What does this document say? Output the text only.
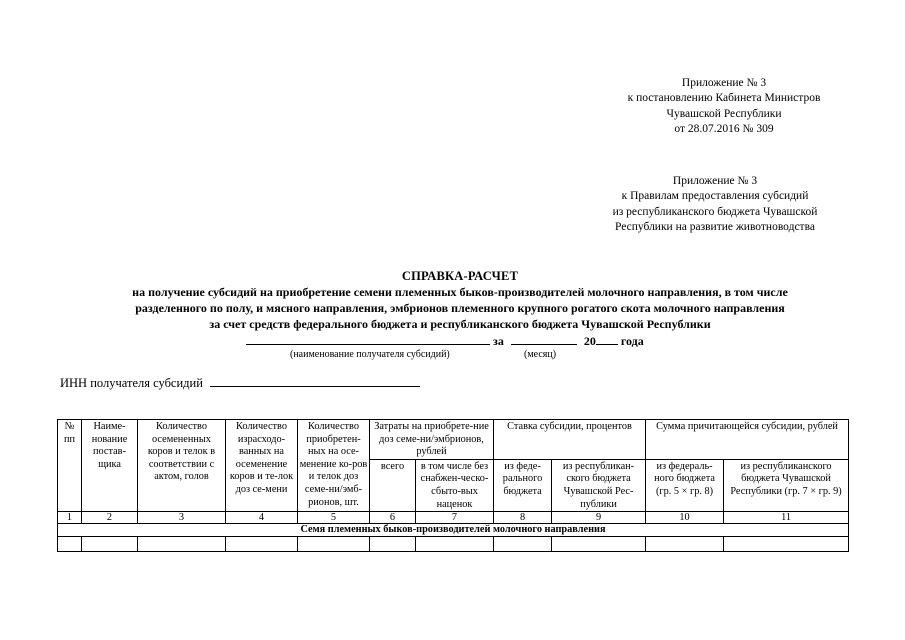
Приложение № 3
к постановлению Кабинета Министров
Чувашской Республики
от 28.07.2016 № 309
Приложение № 3
к Правилам предоставления субсидий
из республиканского бюджета Чувашской
Республики на развитие животноводства
СПРАВКА-РАСЧЕТ
на получение субсидий на приобретение семени племенных быков-производителей молочного направления, в том числе
разделенного по полу, и мясного направления, эмбрионов племенного крупного рогатого скота молочного направления
за счет средств федерального бюджета и республиканского бюджета Чувашской Республики
за	20 года
(наименование получателя субсидий)	(месяц)
ИНН получателя субсидий
№ пп	Наиме-нование постав-щика	Количество осемененных коров и телок в соответствии с актом, голов	Количество израсходо-ванных на осеменение коров и те-лок доз се-мени	Количество приобретен-ных на осе-менение ко-ров и телок доз семе-ни/эмб-рионов, шт.	Затраты на приобрете-ние доз семе-ни/эмбрионов, рублей		Ставка субсидии, процентов		Сумма причитающейся субсидии, рублей	
					всего	в том числе без снабжен-ческо-сбыто-вых наценок	из феде-рального бюджета	из республикан-ского бюджета Чувашской Рес-публики	из федераль-ного бюджета (гр. 5 × гр. 8)	из республиканского бюджета Чувашской Республики (гр. 7 × гр. 9)
1	2	3	4	5	6	7	8	9	10	11
Семя племенных быков-производителей молочного направления										
